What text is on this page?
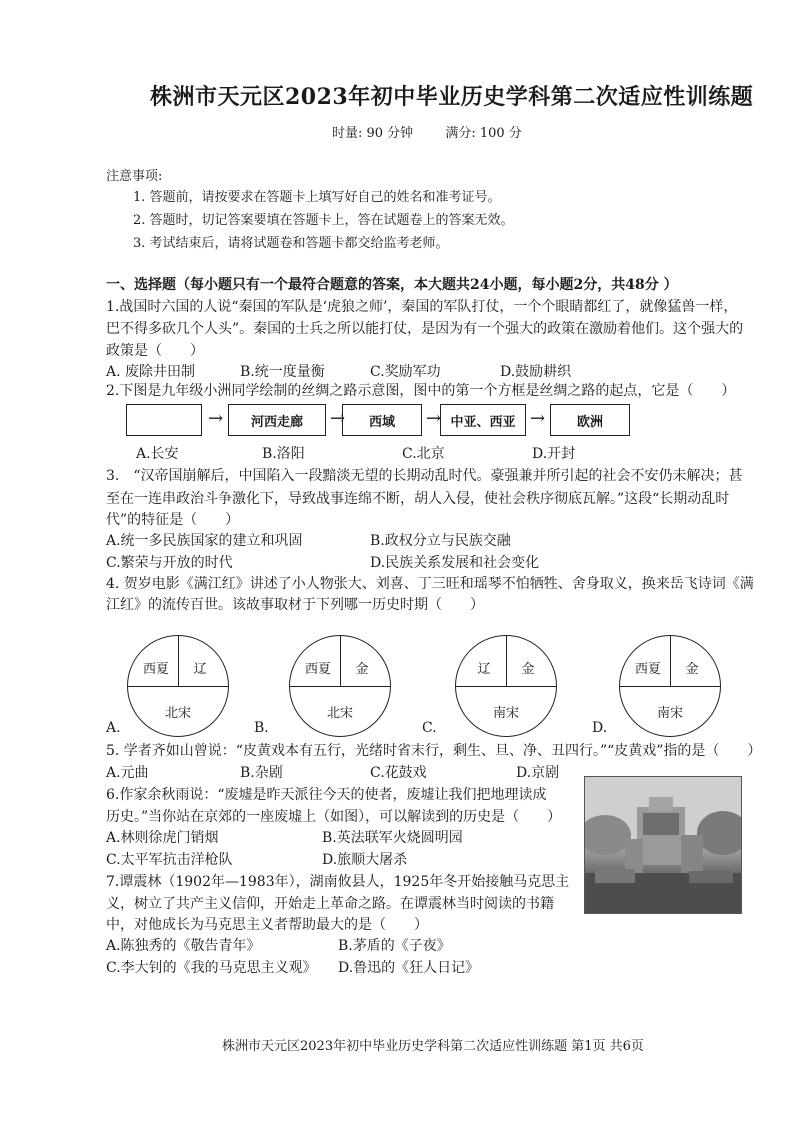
株洲市天元区2023年初中毕业历史学科第二次适应性训练题
时量: 90 分钟 满分: 100 分
注意事项:
1. 答题前，请按要求在答题卡上填写好自己的姓名和准考证号。
2. 答题时，切记答案要填在答题卡上，答在试题卷上的答案无效。
3. 考试结束后，请将试题卷和答题卡都交给监考老师。
一、选择题（每小题只有一个最符合题意的答案，本大题共24小题，每小题2分，共48分 ）
1.战国时六国的人说“秦国的军队是‘虎狼之师’，秦国的军队打仗，一个个眼睛都红了，就像猛兽一样，
巴不得多砍几个人头”。秦国的士兵之所以能打仗，是因为有一个强大的政策在激励着他们。这个强大的
政策是（　　）
A. 废除井田制	B.统一度量衡	C.奖励军功	D.鼓励耕织
2.下图是九年级小洲同学绘制的丝绸之路示意图，图中的第一个方框是丝绸之路的起点，它是（　　）
→	河西走廊	→	西域	→ 中亚、西亚 →	欧洲
A.长安	B.洛阳	C.北京	D.开封
3.　“汉帝国崩解后，中国陷入一段黯淡无望的长期动乱时代。豪强兼并所引起的社会不安仍未解决；甚
至在一连串政治斗争激化下，导致战事连绵不断，胡人入侵，使社会秩序彻底瓦解。”这段“长期动乱时
代”的特征是（　　）
A.统一多民族国家的建立和巩固	B.政权分立与民族交融
C.繁荣与开放的时代	D.民族关系发展和社会变化
4. 贺岁电影《满江红》讲述了小人物张大、刘喜、丁三旺和瑶琴不怕牺牲、舍身取义，换来岳飞诗词《满
江红》的流传百世。该故事取材于下列哪一历史时期（　　）
西夏	辽
北宋
A.
西夏	金
北宋
B.
辽	金
南宋
C.
西夏	金
南宋
D.
5. 学者齐如山曾说：“皮黄戏本有五行，光绪时省末行，剩生、旦、净、丑四行。”“皮黄戏”指的是（　　）
A.元曲	B.杂剧	C.花鼓戏	D.京剧
6.作家余秋雨说：“废墟是昨天派往今天的使者，废墟让我们把地理读成
历史。”当你站在京郊的一座废墟上（如图），可以解读到的历史是（　　）
A.林则徐虎门销烟	B.英法联军火烧圆明园
C.太平军抗击洋枪队	D.旅顺大屠杀
7.谭震林（1902年—1983年），湖南攸县人，1925年冬开始接触马克思主
义，树立了共产主义信仰，开始走上革命之路。在谭震林当时阅读的书籍
中，对他成长为马克思主义者帮助最大的是（　　）
A.陈独秀的《敬告青年》	B.茅盾的《子夜》
C.李大钊的《我的马克思主义观》 D.鲁迅的《狂人日记》
株洲市天元区2023年初中毕业历史学科第二次适应性训练题 第1页 共6页
